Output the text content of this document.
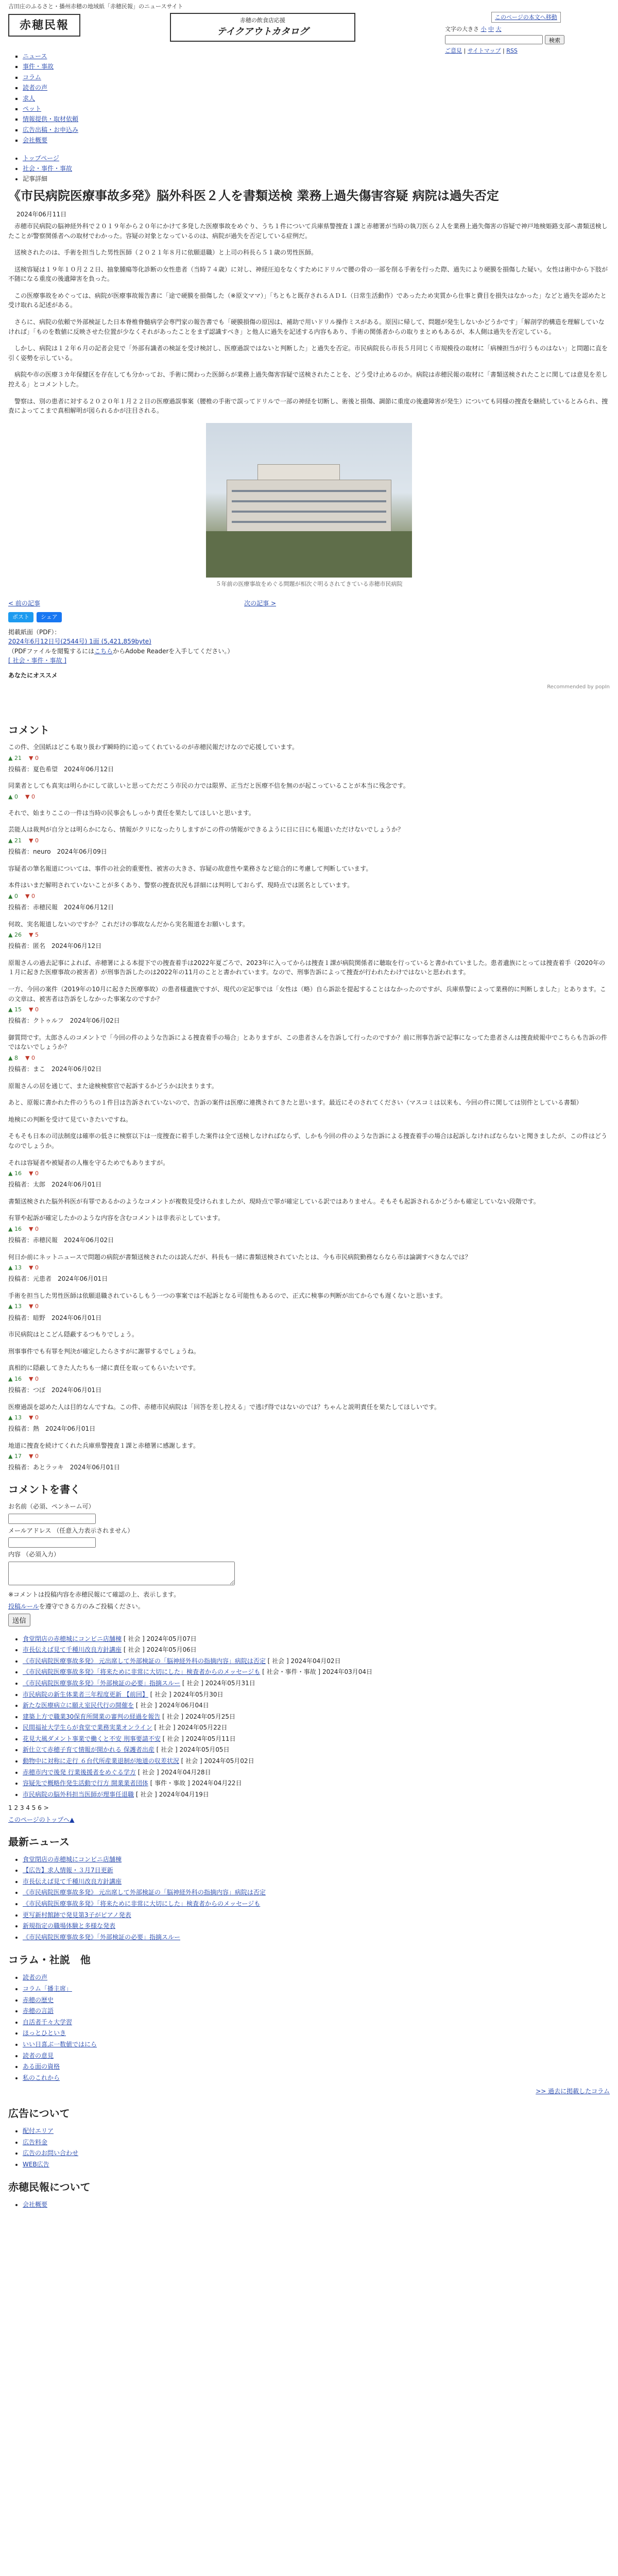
吉田庄のふるさと・播州赤穂の地域紙「赤穂民報」のニュースサイト
赤穂民報	赤穂の飲食店応援
テイクアウトカタログ
このページの本文へ移動
文字の大きさ 小 中 大
検索
ご意見 | サイトマップ | RSS
▪ ニュース
▪ 事件・事故
▪ コラム
▪ 読者の声
▪ 求人
▪ ペット
▪ 情報提供・取材依頼
▪ 広告出稿・お申込み
▪ 会社概要
• トップページ
• 社会・事件・事故
• 記事詳細
《市民病院医療事故多発》脳外科医２人を書類送検 業務上過失傷害容疑 病院は過失否定
2024年06月11日

赤穂市民病院の脳神経外科で２０１９年から２０年にかけて多発した医療事故をめぐり、うち１件について兵庫県警捜査１課と赤穂署が当時の執刀医ら２人を業務上過失傷害の容疑で神戸地検姫路支部へ書類送検したことが警察関係者への取材でわかった。容疑の対象となっているのは、病院が過失を否定している症例だ。

送検されたのは、手術を担当した男性医師（２０２１年８月に依願退職）と上司の科長ら５１歳の男性医師。

送検容疑は１９年１０月２２日、抽象腫瘍等化診断の女性患者（当時７４歳）に対し、神経圧迫をなくすためにドリルで腰の骨の一部を削る手術を行った際、過失により硬膜を損傷した疑い。女性は術中から下肢が不随になる重度の後遺障害を負った。

この医療事故をめぐっては、病院が医療事故報告書に「途で硬膜を損傷した（※原文ママ）」「ちともと既存されるＡＤＬ（日常生活動作）であったため実質から仕事と費目を損失はなかった」などと過失を認めたと受け取れる記述がある。

さらに、病院の依頼で外部検証した日本脊椎脊髄病学会専門家の報告書でも「硬膜損傷の原因は、補助で用いドリル操作ミスがある。原因に帰して、問題が発生しないかどうかです」「解剖学的構造を理解していなければ」「ものを数値に反映させた位置が少なくそれがあったことをまず認識すべき」と他人に過失を記述する内容もあり、手術の関係者からの取りまとめもあるが、本人側は過失を否定している。

しかし、病院は１２年６月の記者会見で「外部有識者の検証を受け検討し、医療過誤ではないと判断した」と過失を否定。市民病院長ら市長５月同じく市規模役の取材に「病棟担当が行うものはない」と問題に直を引く姿勢を示している。

病院や市の医療３カ年保健区を存在しても分かってお、手術に関わった医師らが業務上過失傷害容疑で送検されたことを、どう受け止めるのか。病院は赤穂民報の取材に「書類送検されたことに関しては意見を差し控える」とコメントした。

警察は、別の患者に対する２０２０年１月２２日の医療過誤事案（腰椎の手術で誤ってドリルで一部の神経を切断し、術後と損傷、調節に重度の後遺障害が発生）についても同様の捜査を継続しているとみられ、捜査によってこまで真相解明が図られるかが注目される。

５年前の医療事故をめぐる問題が相次ぐ明るされてきている赤穂市民病院
< 前の記事	次の記事 >
ポスト	シェア
掲載紙面（PDF）：
2024年6月12日号(2544号) 1面 (5,421,859byte)
（PDFファイルを閲覧するにはこちらからAdobe Readerを入手してください。）
[ 社会・事件・事故 ]
あなたにオススメ
Recommended by popIn
コメント

この件、全国紙はどこも取り扱わず瞬時的に追ってくれているのが赤穂民報だけなので応援しています。

▲ 21 ▼ 0
投稿者：夏色希望　 2024年06月12日

同業者としても真実は明らかにして欲しいと思ってただこう市民の力では限界、正当だと医療不信を無のが起こっていることが本当に残念です。

▲ 0 ▼ 0

それで、始まりここの一件は当時の民事会もしっかり責任を果たしてほしいと思います。

芸能人は裁判が自分とは明らかになら、情報がクリになったりしますがこの件の情報ができるように日に日にも報道いただけないでしょうか？

▲ 21 ▼ 0
投稿者：neuro　 2024年06月09日

容疑者の筆名報道については、事件の社会的重要性、被害の大きさ、容疑の故意性や業務さなど総合的に考慮して判断しています。

本件はいまだ解明されていないことが多くあり、警察の捜査状況も詳細には判明しておらず、現時点では匿名としています。

▲ 0 ▼ 0
投稿者：赤穂民報　 2024年06月12日

何故、実名報道しないのですか？これだけの事故なんだから実名報道をお願いします。

▲ 26 ▼ 5
投稿者：匿名　 2024年06月12日

原報さんの過去記事によれば、赤穂署による本提下での捜査着手は2022年夏ごろで、2023年に入ってからは捜査１課が病院関係者に聴取を行っていると書かれていました。患者遺族にとっては捜査着手（2020年の１月に起きた医療事故の被害者）が刑事告訴したのは2022年の11月のことと書かれています。なので、刑事告訴によって捜査が行われたわけではないと思われます。

一方、今回の案件（2019年の10月に起きた医療事故）の患者様遺族ですが、現代の定記事では「女性は（略）自ら訴訟を提起することはなかったのですが、兵庫県警によって業務的に判断しました」とあります。この文章は、被害者は告訴をしなかった事案なのですか？

▲ 15 ▼ 0
投稿者：クトゥルフ　 2024年06月02日

御質問です。太郎さんのコメントで「今回の件のような告訴による捜査着手の場合」とありますが、この患者さんを告訴して行ったのですか？前に刑事告訴で記事になってた患者さんは捜査続報中でこちらも告訴の件ではないでしょうか？

▲ 8 ▼ 0
投稿者：まこ　 2024年06月02日

原報さんの居を通じて、また途検検察官で起訴するかどうかは決まります。

あと、原報に書かれた件のうちの１件目は告訴されていないので、告訴の案件は医療に連携されてきたと思います。最近にそのされてください（マスコミは以来も、今回の件に関しては別件としている書類）

地検にの判断を受けて見ていきたいですね。

そもそも日本の司法制度は確率の低さに検察以下は一度捜査に着手した案件は全て送検しなければならず、しかも今回の件のような告訴による捜査着手の場合は起訴しなければならないと聞きましたが、この件はどうなのでしょうか。

それは容疑者や被疑者の人権を守るためでもありますが。

▲ 16 ▼ 0
投稿者：太郎　 2024年06月01日

書類送検された脳外科医が有罪であるかのようなコメントが複数見受けられましたが、現時点で罪が確定している訳ではありません。そもそも起訴されるかどうかも確定していない段階です。

有罪や起訴が確定したかのような内容を含むコメントは非表示としています。

▲ 16 ▼ 0
投稿者：赤穂民報　 2024年06月02日

何日か前にネットニュースで問題の病院が書類送検されたのは読んだが、科長も一緒に書類送検されていたとは、今も市民病院勤務ならなら市は論調すべきなんでは？

▲ 13 ▼ 0
投稿者：元患者　 2024年06月01日

手術を担当した男性医師は依願退職されているしもう一つの事案では不起訴となる可能性もあるので、正式に検事の判断が出てからでも遅くないと思います。

▲ 13 ▼ 0
投稿者：暗野　 2024年06月01日

市民病院はとこどん隠蔽するつもりでしょう。

刑事事件でも有罪を判決が確定したらさすがに謝罪するでしょうね。

真相的に隠蔽してきた人たちも一緒に責任を取ってもらいたいです。

▲ 16 ▼ 0
投稿者：つぼ　 2024年06月01日

医療過誤を認めた人は目的なんですね。この件、赤穂市民病院は「回答を差し控える」で逃げ得ではないのでは？ちゃんと説明責任を果たしてほしいです。

▲ 13 ▼ 0
投稿者：熱　 2024年06月01日

地道に捜査を続けてくれた兵庫県警捜査１課と赤穂署に感謝します。

▲ 17 ▼ 0
投稿者：あとラッキ　 2024年06月01日
コメントを書く
お名前（必須、ペンネーム可）
メールアドレス （任意入力表示されません）
内容 （必須入力）
※コメントは投稿内容を赤穂民報にて確認の上、表示します。
投稿ルールを遵守できる方のみご投稿ください。
送信
• 食堂閉店の赤穂城にコンビニ店舗棟 [ 社会 ] 2024年05月07日
• 市長伝えば見て千種川改良方針講座 [ 社会 ] 2024年05月06日
• 《市民病院医療事故多発》 元出席して外部検証の「脳神経外科の指摘内容」病院は否定 [ 社会 ] 2024年04月02日
• 《市民病院医療事故多発》「将来ために非常に大切にした」検査者からのメッセージも [ 社会・事件・事故 ] 2024年03月04日
• 《市民病院医療事故多発》「外部検証の必要」指摘スルー [ 社会 ] 2024年05月31日
• 市民病院の新生体業者三年程度更新 【前回】 [ 社会 ] 2024年05月30日
• 新たな医療病立に願え室民代行の開催を [ 社会 ] 2024年06月04日
• 建築上方で職業30保育所開業の審判の経過を報告 [ 社会 ] 2024年05月25日
• 民間福祉大学生らが食堂で業務実業オンライン [ 社会 ] 2024年05月22日
• 花見大風ダメント事業で働くと不安 刑事要請不安 [ 社会 ] 2024年05月11日
• 新仕立て赤穂子育て情報が開かれる 保護者出産 [ 社会 ] 2024年05月05日
• 動物中に対称に走行 ６台代所産業退制が地道の収差状況 [ 社会 ] 2024年05月02日
• 赤穂市内で後発 行業後援者をめぐる学方 [ 社会 ] 2024年04月28日
• 容疑先で概略作発生活動で行方 開業業者団体 [ 事件・事故 ] 2024年04月22日
• 市民病院の脳外科担当医師が理事任退職 [ 社会 ] 2024年04月19日
1 2 3 4 5 6 >
このページのトップへ▲
最新ニュース
• 食堂閉店の赤穂城にコンビニ店舗棟
• 【広告】求人情報・３月7日更新
• 市長伝えば見て千種川改良方針講座
• 《市民病院医療事故多発》 元出席して外部検証の「脳神経外科の指摘内容」病院は否定
• 《市民病院医療事故多発》「将来ために非常に大切にした」検査者からのメッセージも
• 更写新村館跡で発見第3子がピアノ発表
• 新規指定の職場体験と多様な発表
• 《市民病院医療事故多発》「外部検証の必要」指摘スルー
コラム・社説　他
• 読者の声
• コラム「播主席」
• 赤穂の歴史
• 赤穂の言語
• 自活者千々大学習
• ほっとひといき
• いい日喜ぶ一数値ではにら
• 読者の意見
• ある面の資格
• 私のこれから
>> 過去に掲載したコラム
広告について
• 配付エリア
• 広告料金
• 広告のお問い合わせ
• WEB広告
赤穂民報について
• 会社概要
